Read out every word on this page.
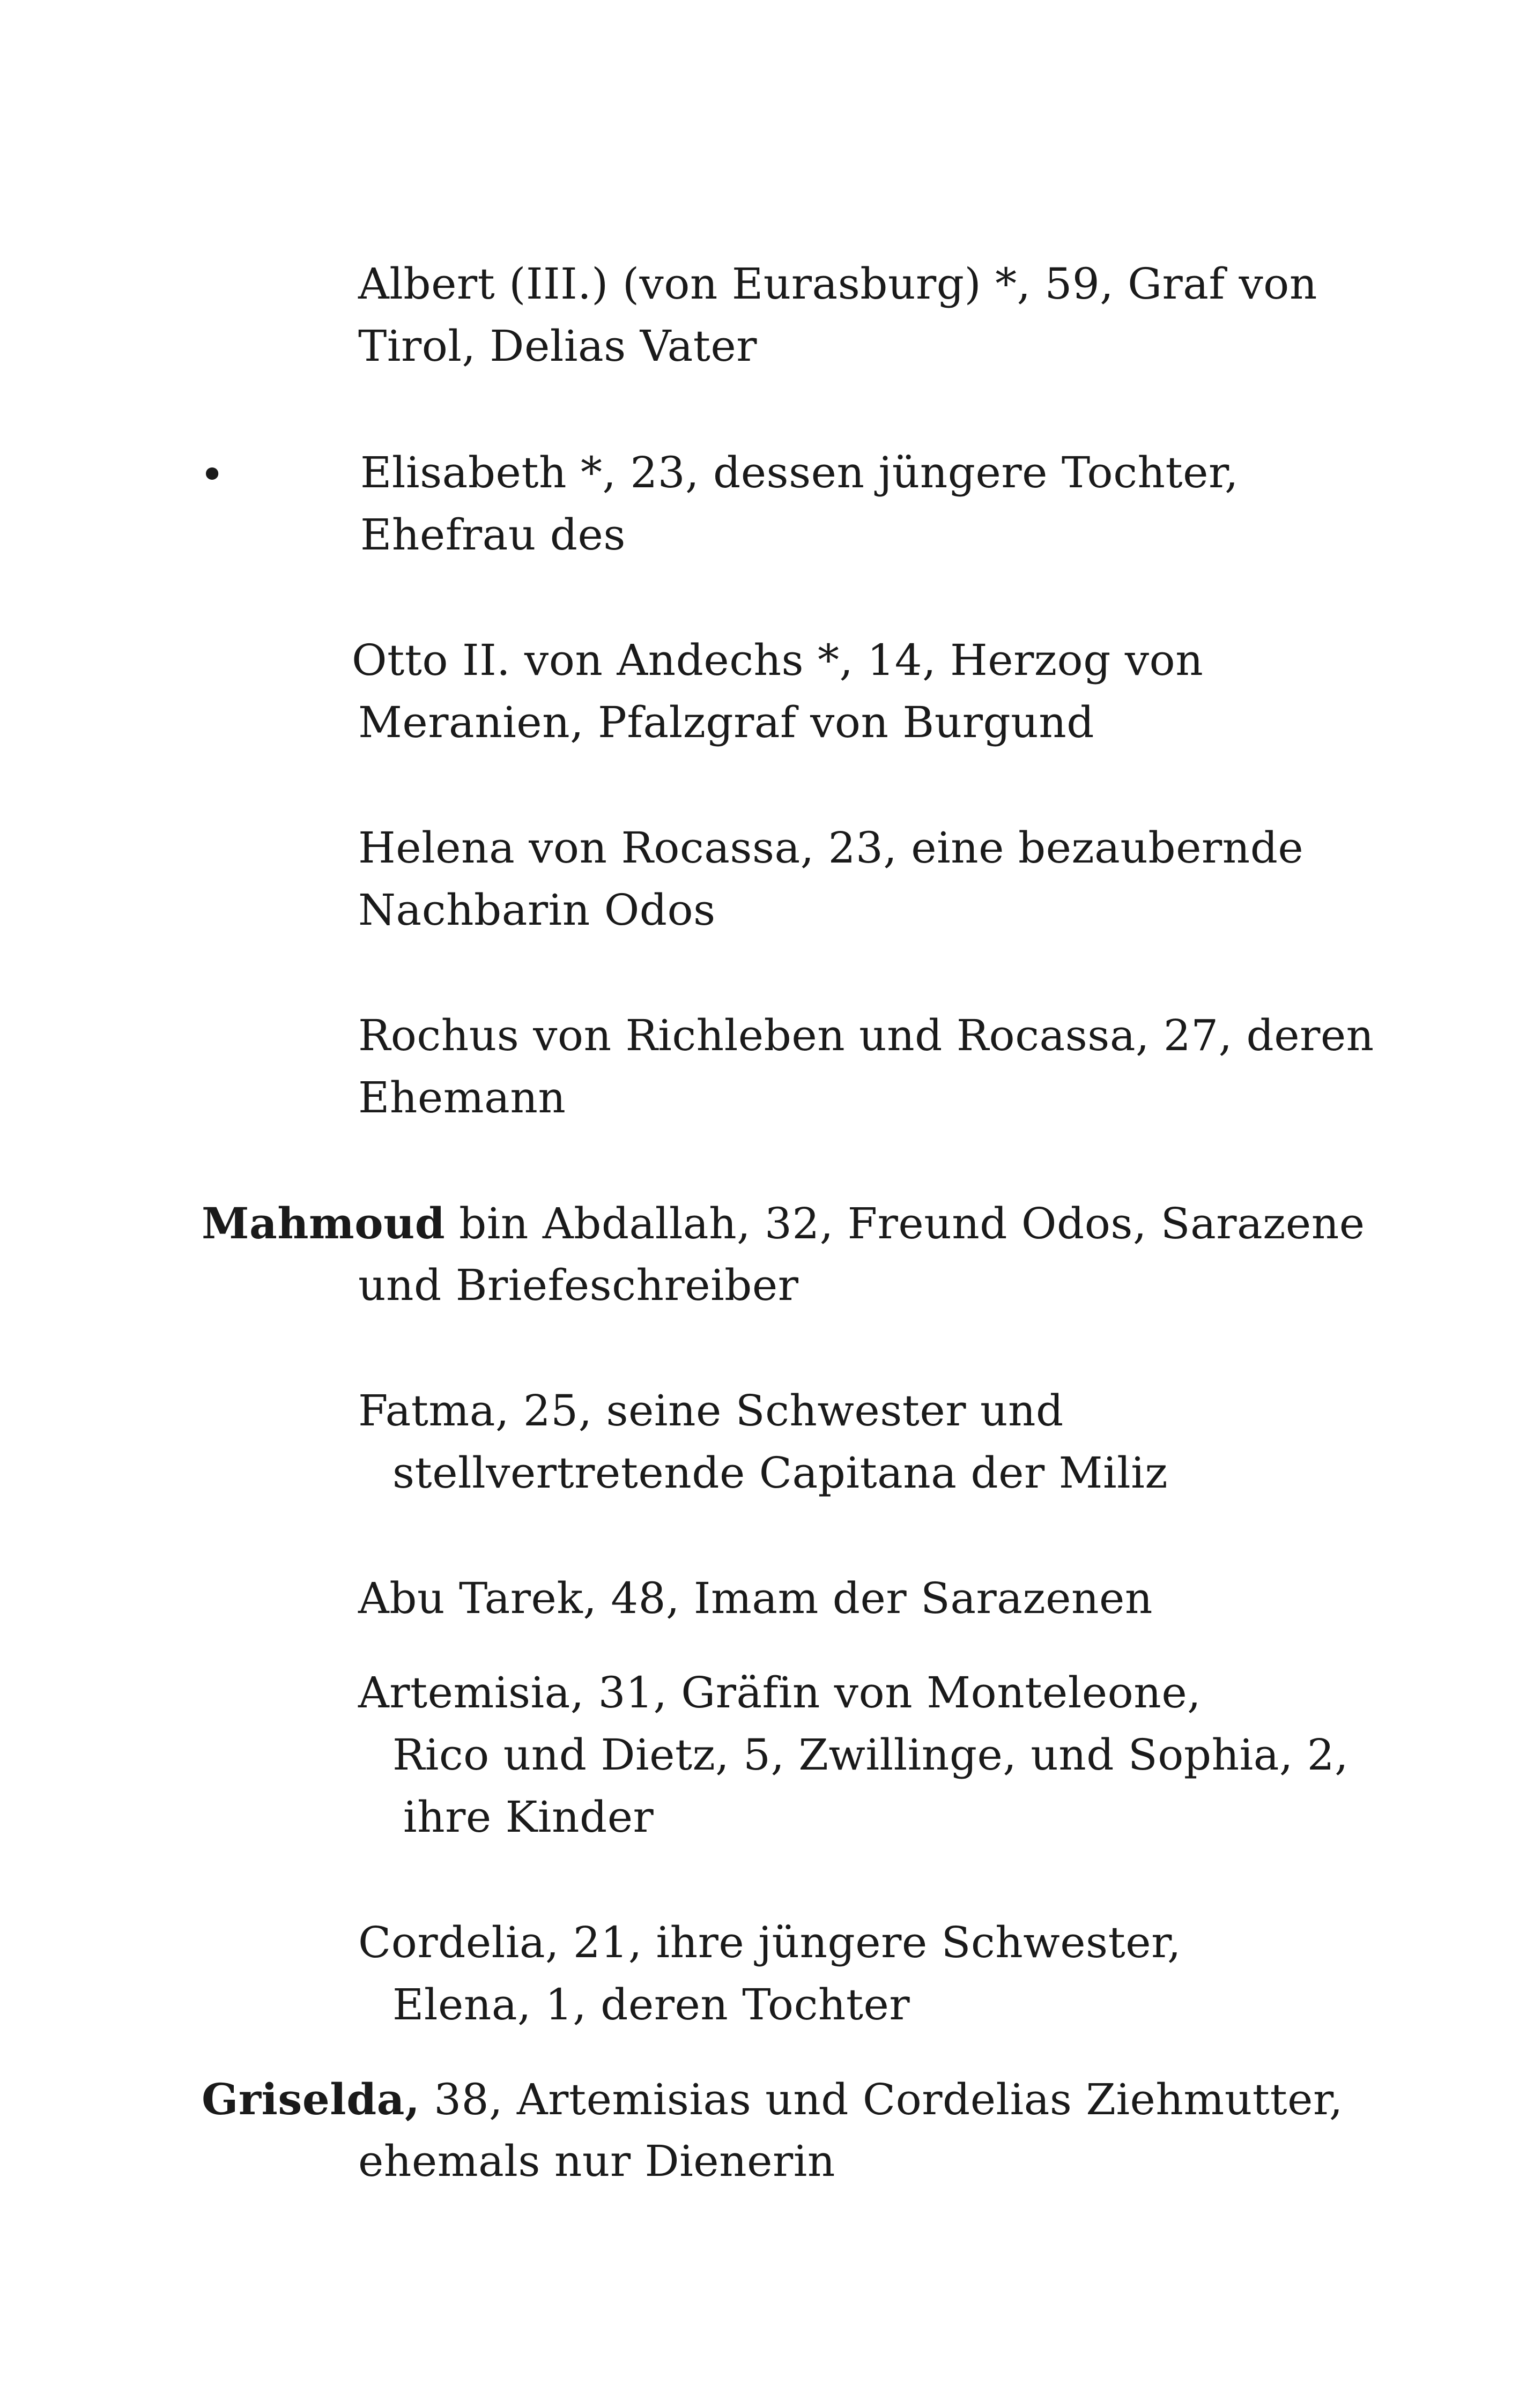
Albert (III.) (von Eurasburg) *, 59, Graf von
Tirol, Delias Vater
•	Elisabeth *, 23, dessen jüngere Tochter,
Ehefrau des
Otto II. von Andechs *, 14, Herzog von
Meranien, Pfalzgraf von Burgund
Helena von Rocassa, 23, eine bezaubernde
Nachbarin Odos
Rochus von Richleben und Rocassa, 27, deren
Ehemann
Mahmoud bin Abdallah, 32, Freund Odos, Sarazene
und Briefeschreiber
Fatma, 25, seine Schwester und
stellvertretende Capitana der Miliz
Abu Tarek, 48, Imam der Sarazenen
Artemisia, 31, Gräfin von Monteleone,
Rico und Dietz, 5, Zwillinge, und Sophia, 2,
ihre Kinder
Cordelia, 21, ihre jüngere Schwester,
Elena, 1, deren Tochter
Griselda, 38, Artemisias und Cordelias Ziehmutter,
ehemals nur Dienerin
